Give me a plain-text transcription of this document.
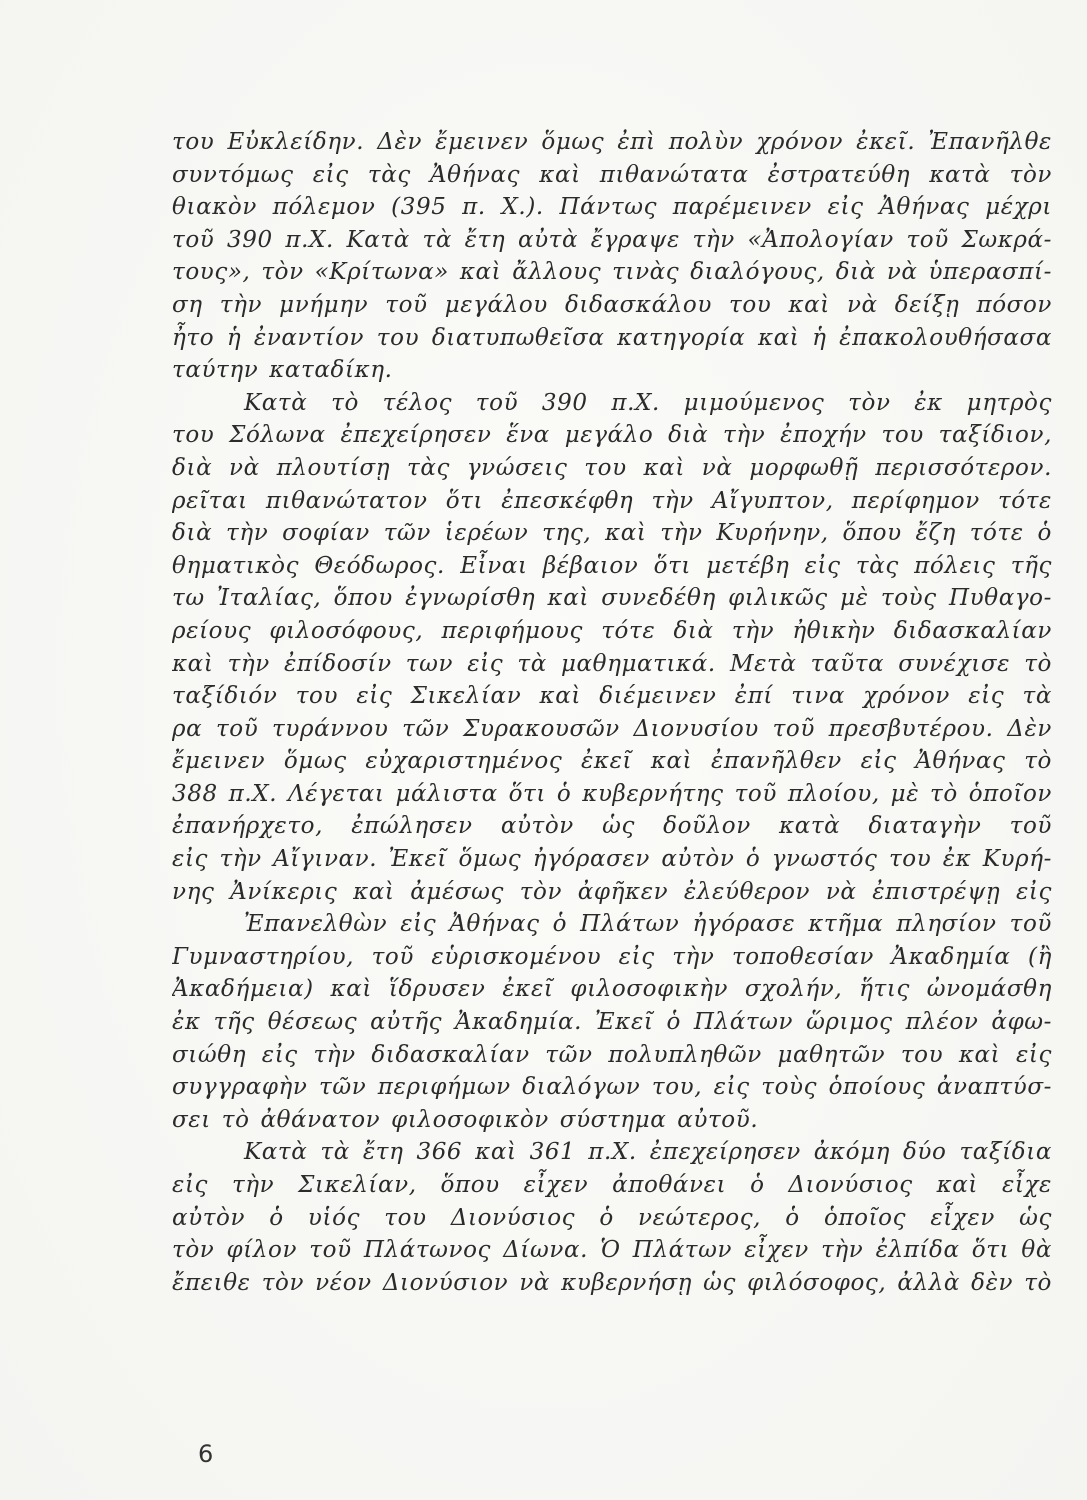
του Εὐκλείδην. Δὲν ἔμεινεν ὅμως ἐπὶ πολὺν χρόνον ἐκεῖ. Ἐπανῆλθε
συντόμως εἰς τὰς Ἀθήνας καὶ πιθανώτατα ἐστρατεύθη κατὰ τὸν
θιακὸν πόλεμον (395 π. Χ.). Πάντως παρέμεινεν εἰς Ἀθήνας μέχρι
τοῦ 390 π.Χ. Κατὰ τὰ ἔτη αὐτὰ ἔγραψε τὴν «Ἀπολογίαν τοῦ Σωκρά-
τους», τὸν «Κρίτωνα» καὶ ἄλλους τινὰς διαλόγους, διὰ νὰ ὑπερασπί-
ση τὴν μνήμην τοῦ μεγάλου διδασκάλου του καὶ νὰ δείξῃ πόσον
ἦτο ἡ ἐναντίον του διατυπωθεῖσα κατηγορία καὶ ἡ ἐπακολουθήσασα
ταύτην καταδίκη.
Κατὰ τὸ τέλος τοῦ 390 π.Χ. μιμούμενος τὸν ἐκ μητρὸς
του Σόλωνα ἐπεχείρησεν ἕνα μεγάλο διὰ τὴν ἐποχήν του ταξίδιον,
διὰ νὰ πλουτίσῃ τὰς γνώσεις του καὶ νὰ μορφωθῇ περισσότερον.
ρεῖται πιθανώτατον ὅτι ἐπεσκέφθη τὴν Αἴγυπτον, περίφημον τότε
διὰ τὴν σοφίαν τῶν ἱερέων της, καὶ τὴν Κυρήνην, ὅπου ἔζη τότε ὁ
θηματικὸς Θεόδωρος. Εἶναι βέβαιον ὅτι μετέβη εἰς τὰς πόλεις τῆς
τω Ἰταλίας, ὅπου ἐγνωρίσθη καὶ συνεδέθη φιλικῶς μὲ τοὺς Πυθαγο-
ρείους φιλοσόφους, περιφήμους τότε διὰ τὴν ἠθικὴν διδασκαλίαν
καὶ τὴν ἐπίδοσίν των εἰς τὰ μαθηματικά. Μετὰ ταῦτα συνέχισε τὸ
ταξίδιόν του εἰς Σικελίαν καὶ διέμεινεν ἐπί τινα χρόνον εἰς τὰ
ρα τοῦ τυράννου τῶν Συρακουσῶν Διονυσίου τοῦ πρεσβυτέρου. Δὲν
ἔμεινεν ὅμως εὐχαριστημένος ἐκεῖ καὶ ἐπανῆλθεν εἰς Ἀθήνας τὸ
388 π.Χ. Λέγεται μάλιστα ὅτι ὁ κυβερνήτης τοῦ πλοίου, μὲ τὸ ὁποῖον
ἐπανήρχετο, ἐπώλησεν αὐτὸν ὡς δοῦλον κατὰ διαταγὴν τοῦ
εἰς τὴν Αἴγιναν. Ἐκεῖ ὅμως ἠγόρασεν αὐτὸν ὁ γνωστός του ἐκ Κυρή-
νης Ἀνίκερις καὶ ἀμέσως τὸν ἀφῆκεν ἐλεύθερον νὰ ἐπιστρέψῃ εἰς
Ἐπανελθὼν εἰς Ἀθήνας ὁ Πλάτων ἠγόρασε κτῆμα πλησίον τοῦ
Γυμναστηρίου, τοῦ εὑρισκομένου εἰς τὴν τοποθεσίαν Ἀκαδημία (ἢ
Ἀκαδήμεια) καὶ ἵδρυσεν ἐκεῖ φιλοσοφικὴν σχολήν, ἥτις ὠνομάσθη
ἐκ τῆς θέσεως αὐτῆς Ἀκαδημία. Ἐκεῖ ὁ Πλάτων ὥριμος πλέον ἀφω-
σιώθη εἰς τὴν διδασκαλίαν τῶν πολυπληθῶν μαθητῶν του καὶ εἰς
συγγραφὴν τῶν περιφήμων διαλόγων του, εἰς τοὺς ὁποίους ἀναπτύσ-
σει τὸ ἀθάνατον φιλοσοφικὸν σύστημα αὐτοῦ.
Κατὰ τὰ ἔτη 366 καὶ 361 π.Χ. ἐπεχείρησεν ἀκόμη δύο ταξίδια
εἰς τὴν Σικελίαν, ὅπου εἶχεν ἀποθάνει ὁ Διονύσιος καὶ εἶχε
αὐτὸν ὁ υἱός του Διονύσιος ὁ νεώτερος, ὁ ὁποῖος εἶχεν ὡς
τὸν φίλον τοῦ Πλάτωνος Δίωνα. Ὁ Πλάτων εἶχεν τὴν ἐλπίδα ὅτι θὰ
ἔπειθε τὸν νέον Διονύσιον νὰ κυβερνήσῃ ὡς φιλόσοφος, ἀλλὰ δὲν τὸ
6
